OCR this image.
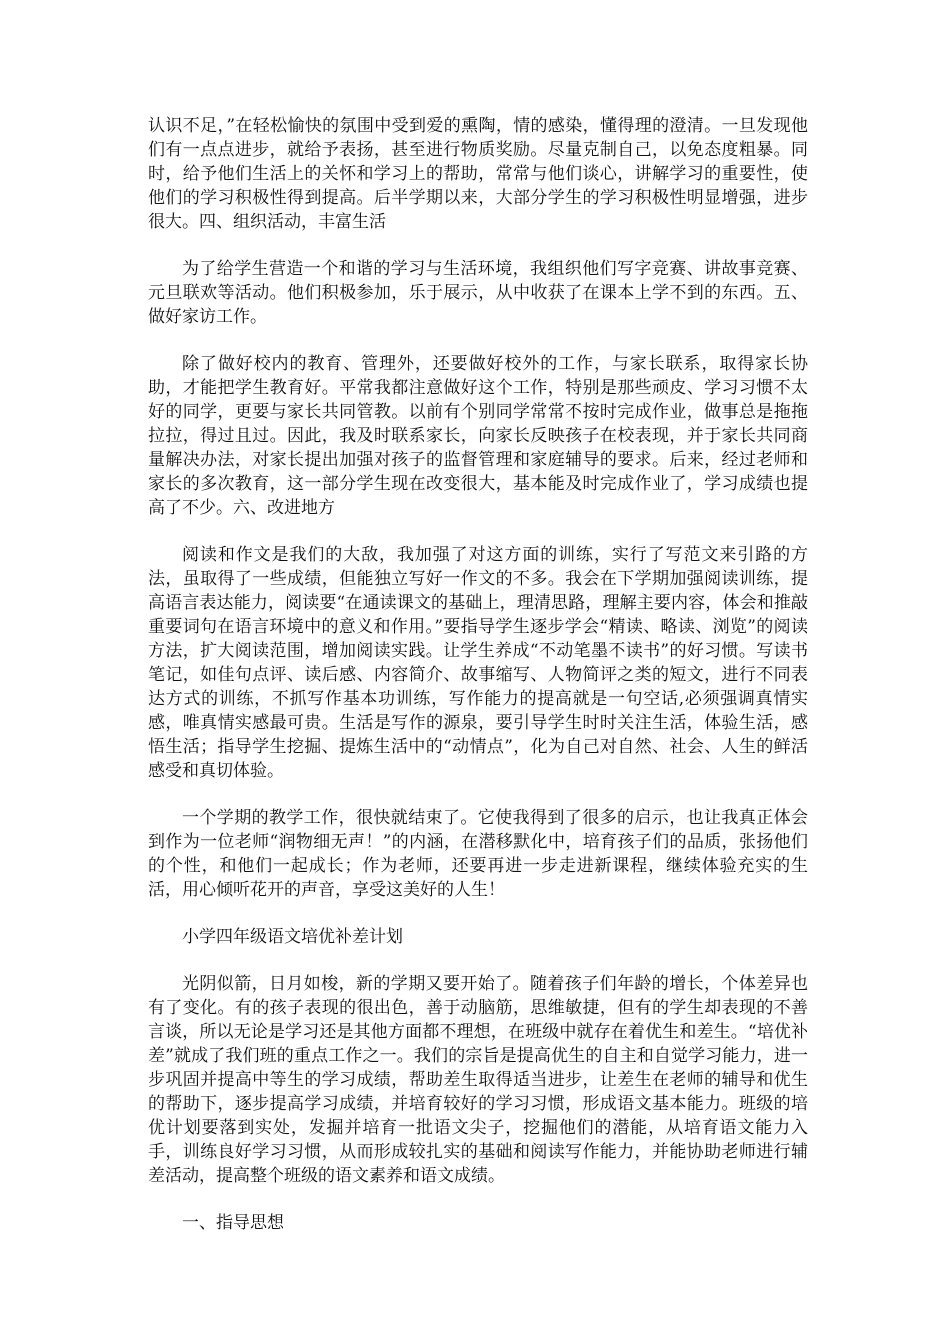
认识不足，”在轻松愉快的氛围中受到爱的熏陶，情的感染，懂得理的澄清。一旦发现他们有一点点进步，就给予表扬，甚至进行物质奖励。尽量克制自己，以免态度粗暴。同时，给予他们生活上的关怀和学习上的帮助，常常与他们谈心，讲解学习的重要性，使他们的学习积极性得到提高。后半学期以来，大部分学生的学习积极性明显增强，进步很大。四、组织活动，丰富生活

为了给学生营造一个和谐的学习与生活环境，我组织他们写字竞赛、讲故事竞赛、元旦联欢等活动。他们积极参加，乐于展示，从中收获了在课本上学不到的东西。五、做好家访工作。

除了做好校内的教育、管理外，还要做好校外的工作，与家长联系，取得家长协助，才能把学生教育好。平常我都注意做好这个工作，特别是那些顽皮、学习习惯不太好的同学，更要与家长共同管教。以前有个别同学常常不按时完成作业，做事总是拖拖拉拉，得过且过。因此，我及时联系家长，向家长反映孩子在校表现，并于家长共同商量解决办法，对家长提出加强对孩子的监督管理和家庭辅导的要求。后来，经过老师和家长的多次教育，这一部分学生现在改变很大，基本能及时完成作业了，学习成绩也提高了不少。六、改进地方

阅读和作文是我们的大敌，我加强了对这方面的训练，实行了写范文来引路的方法，虽取得了一些成绩，但能独立写好一作文的不多。我会在下学期加强阅读训练，提高语言表达能力，阅读要“在通读课文的基础上，理清思路，理解主要内容，体会和推敲重要词句在语言环境中的意义和作用。”要指导学生逐步学会“精读、略读、浏览”的阅读方法，扩大阅读范围，增加阅读实践。让学生养成“不动笔墨不读书”的好习惯。写读书笔记，如佳句点评、读后感、内容简介、故事缩写、人物简评之类的短文，进行不同表达方式的训练，不抓写作基本功训练，写作能力的提高就是一句空话,必须强调真情实感，唯真情实感最可贵。生活是写作的源泉，要引导学生时时关注生活，体验生活，感悟生活；指导学生挖掘、提炼生活中的“动情点”，化为自己对自然、社会、人生的鲜活感受和真切体验。

一个学期的教学工作，很快就结束了。它使我得到了很多的启示，也让我真正体会到作为一位老师“润物细无声！”的内涵，在潜移默化中，培育孩子们的品质，张扬他们的个性，和他们一起成长；作为老师，还要再进一步走进新课程，继续体验充实的生活，用心倾听花开的声音，享受这美好的人生！

小学四年级语文培优补差计划

光阴似箭，日月如梭，新的学期又要开始了。随着孩子们年龄的增长，个体差异也有了变化。有的孩子表现的很出色，善于动脑筋，思维敏捷，但有的学生却表现的不善言谈，所以无论是学习还是其他方面都不理想，在班级中就存在着优生和差生。“培优补差”就成了我们班的重点工作之一。我们的宗旨是提高优生的自主和自觉学习能力，进一步巩固并提高中等生的学习成绩，帮助差生取得适当进步，让差生在老师的辅导和优生的帮助下，逐步提高学习成绩，并培育较好的学习习惯，形成语文基本能力。班级的培优计划要落到实处，发掘并培育一批语文尖子，挖掘他们的潜能，从培育语文能力入手，训练良好学习习惯，从而形成较扎实的基础和阅读写作能力，并能协助老师进行辅差活动，提高整个班级的语文素养和语文成绩。

一、指导思想
